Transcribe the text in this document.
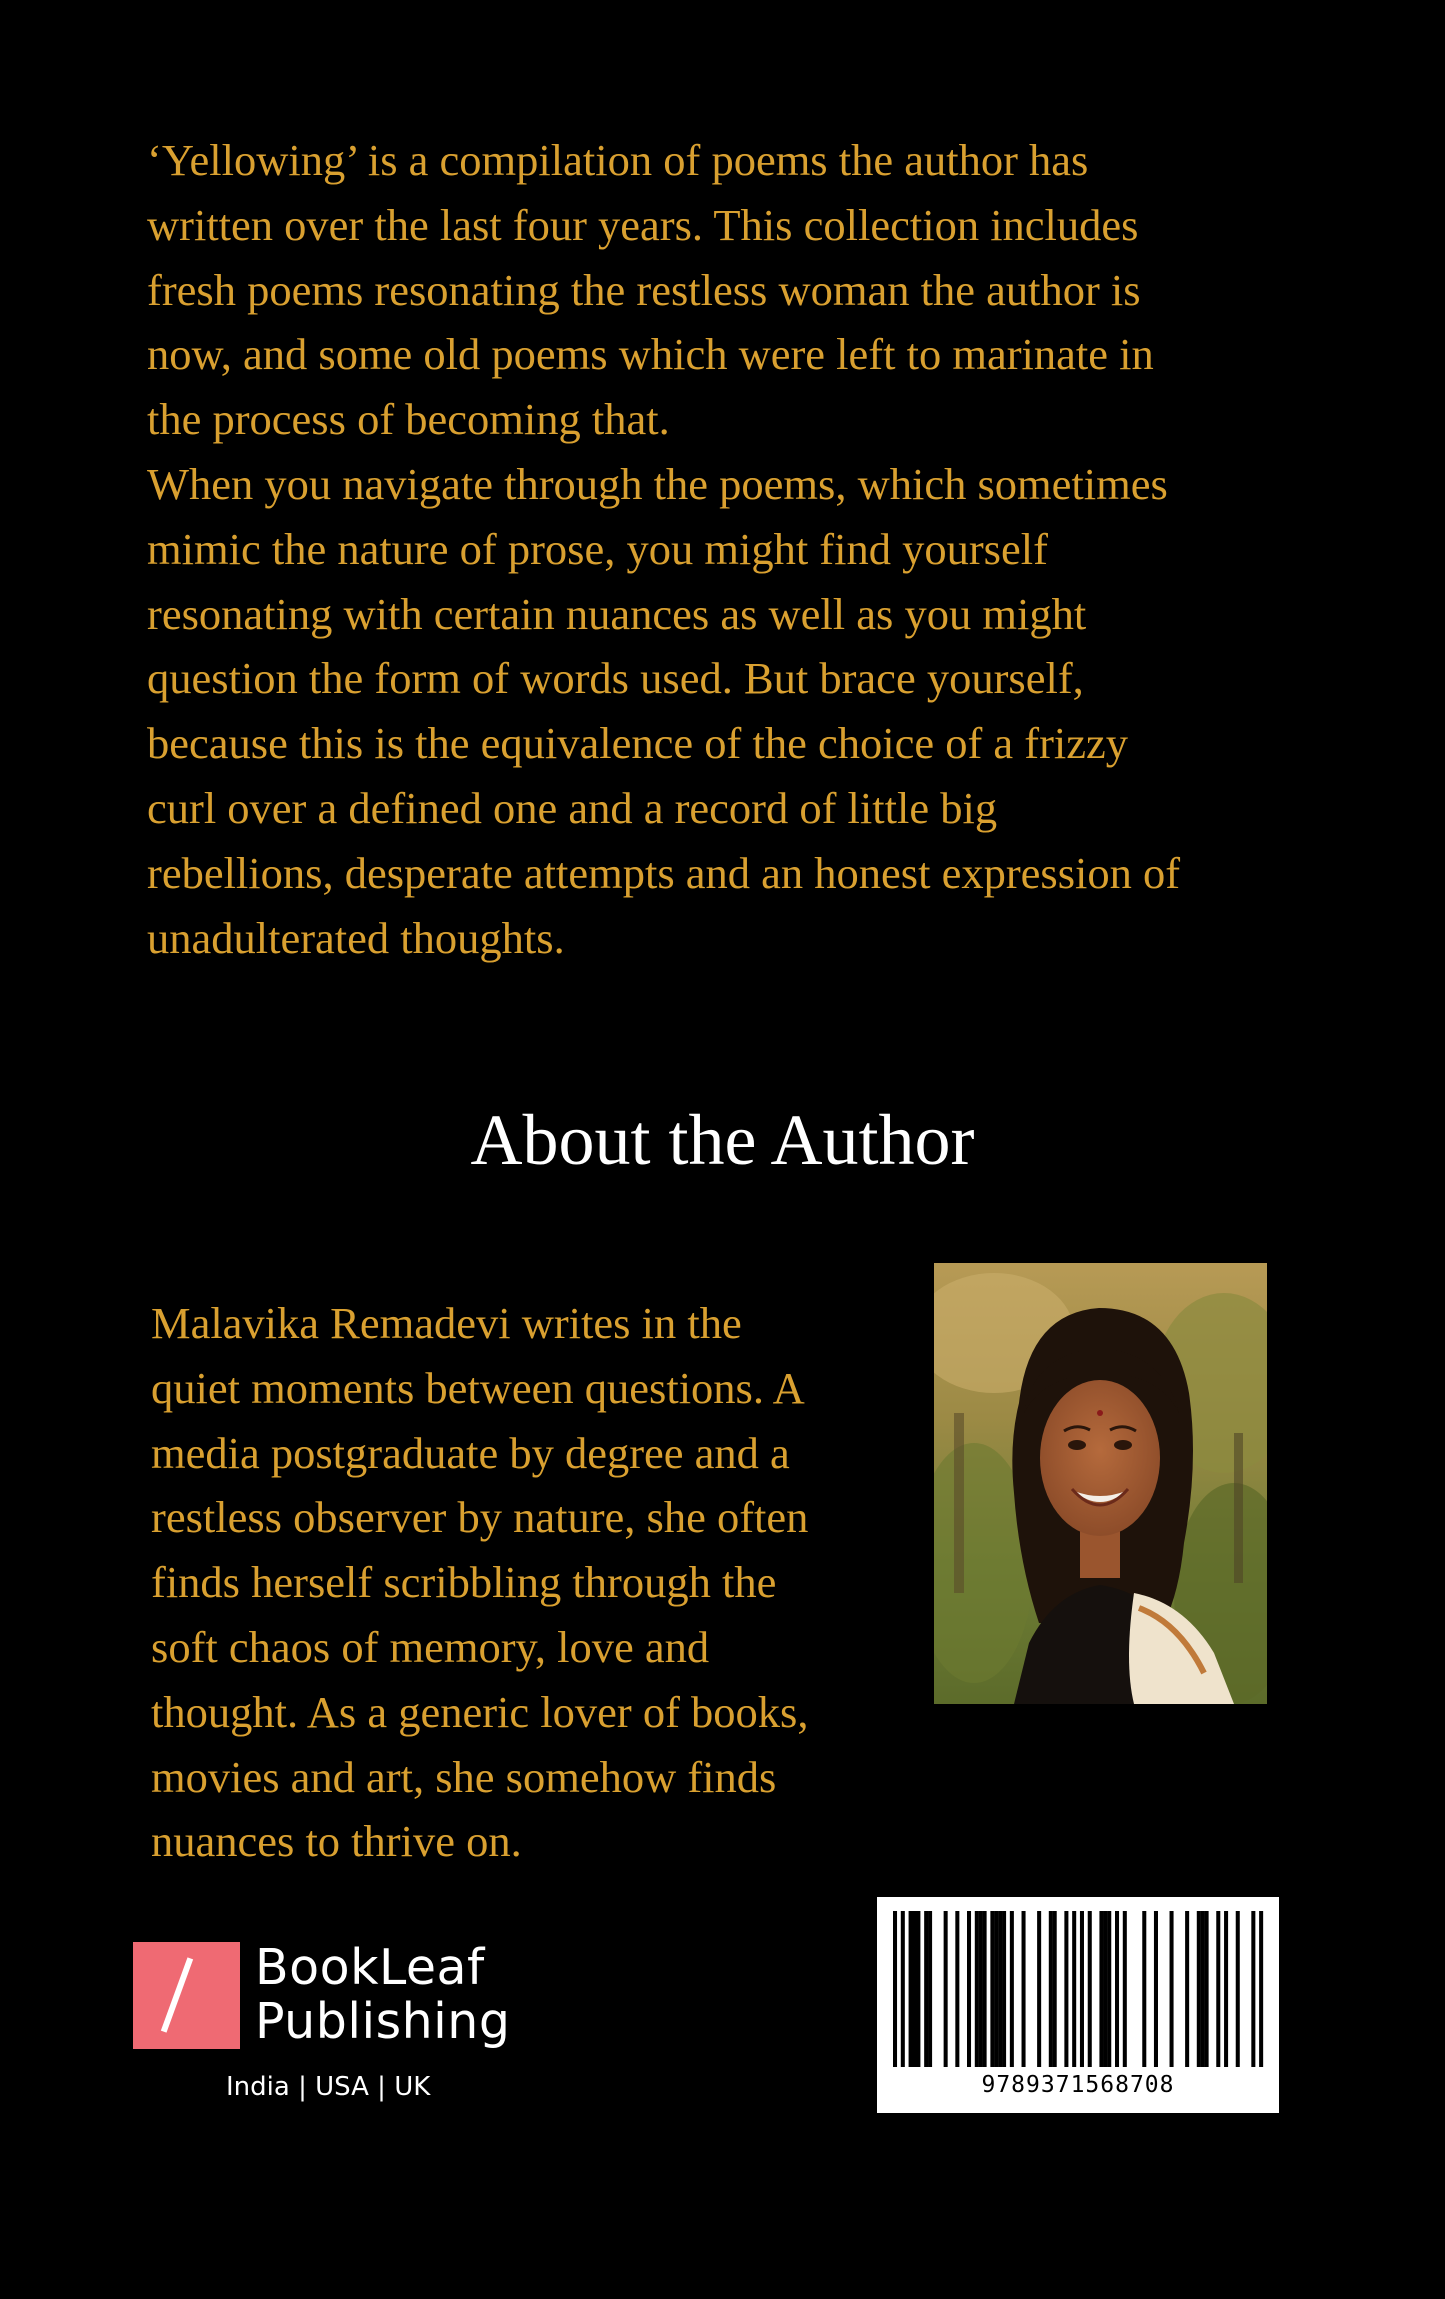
‘Yellowing’ is a compilation of poems the author has

written over the last four years. This collection includes

fresh poems resonating the restless woman the author is

now, and some old poems which were left to marinate in

the process of becoming that.

When you navigate through the poems, which sometimes

mimic the nature of prose, you might find yourself

resonating with certain nuances as well as you might

question the form of words used. But brace yourself,

because this is the equivalence of the choice of a frizzy

curl over a defined one and a record of little big

rebellions, desperate attempts and an honest expression of

unadulterated thoughts.

About the Author
Malavika Remadevi writes in the
quiet moments between questions. A
media postgraduate by degree and a
restless observer by nature, she often
finds herself scribbling through the
soft chaos of memory, love and
thought. As a generic lover of books,
movies and art, she somehow finds
nuances to thrive on.
BookLeaf
Publishing
India | USA | UK	9789371568708
